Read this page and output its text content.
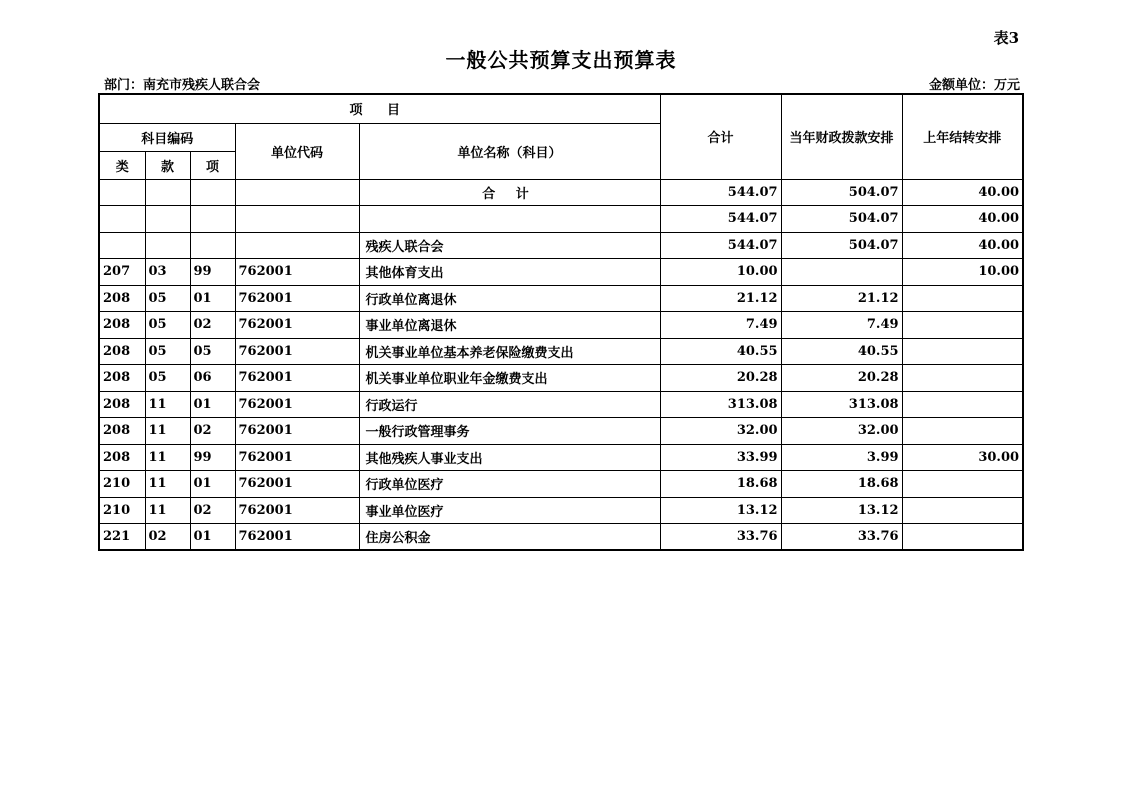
表3
一般公共预算支出预算表
部门：南充市残疾人联合会	金额单位：万元
项 目					合计	当年财政拨款安排	上年结转安排
科目编码			单位代码	单位名称（科目）			
类	款	项					
				合 计	544.07	504.07	40.00
					544.07	504.07	40.00
				残疾人联合会	544.07	504.07	40.00
207	03	99	762001	其他体育支出	10.00		10.00
208	05	01	762001	行政单位离退休	21.12	21.12	
208	05	02	762001	事业单位离退休	7.49	7.49	
208	05	05	762001	机关事业单位基本养老保险缴费支出	40.55	40.55	
208	05	06	762001	机关事业单位职业年金缴费支出	20.28	20.28	
208	11	01	762001	行政运行	313.08	313.08	
208	11	02	762001	一般行政管理事务	32.00	32.00	
208	11	99	762001	其他残疾人事业支出	33.99	3.99	30.00
210	11	01	762001	行政单位医疗	18.68	18.68	
210	11	02	762001	事业单位医疗	13.12	13.12	
221	02	01	762001	住房公积金	33.76	33.76	
